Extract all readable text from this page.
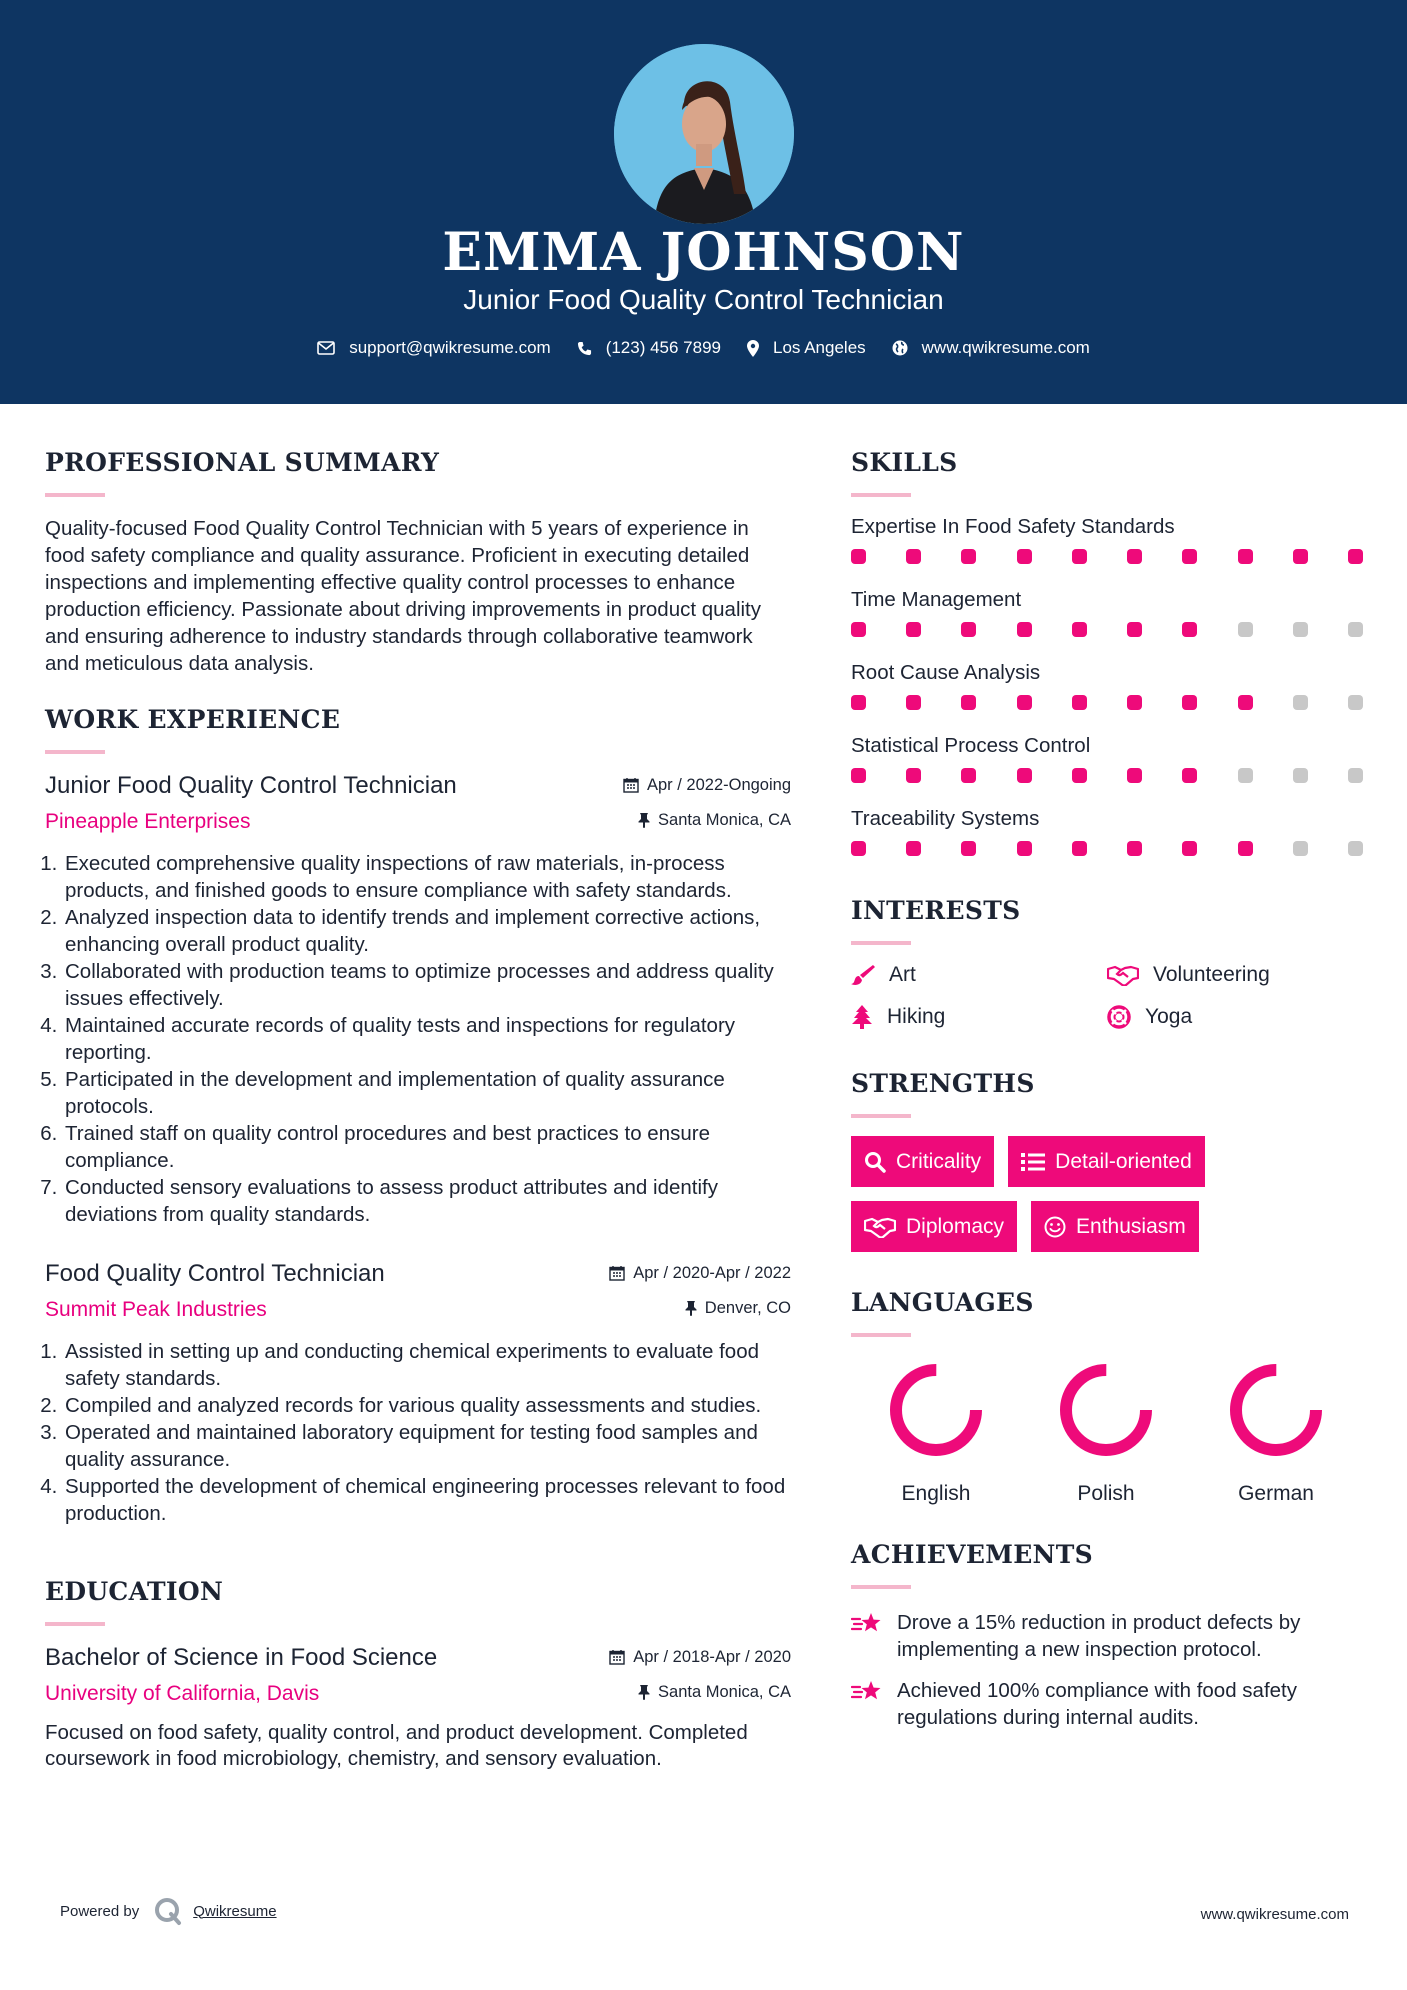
EMMA JOHNSON
Junior Food Quality Control Technician
support@qwikresume.com	(123) 456 7899	Los Angeles	www.qwikresume.com
PROFESSIONAL SUMMARY

Quality-focused Food Quality Control Technician with 5 years of experience in food safety compliance and quality assurance. Proficient in executing detailed inspections and implementing effective quality control processes to enhance production efficiency. Passionate about driving improvements in product quality and ensuring adherence to industry standards through collaborative teamwork and meticulous data analysis.

WORK EXPERIENCE
Junior Food Quality Control Technician	Apr / 2022-Ongoing
Pineapple Enterprises	Santa Monica, CA
1. Executed comprehensive quality inspections of raw materials, in-process products, and finished goods to ensure compliance with safety standards.
2. Analyzed inspection data to identify trends and implement corrective actions, enhancing overall product quality.
3. Collaborated with production teams to optimize processes and address quality issues effectively.
4. Maintained accurate records of quality tests and inspections for regulatory reporting.
5. Participated in the development and implementation of quality assurance protocols.
6. Trained staff on quality control procedures and best practices to ensure compliance.
7. Conducted sensory evaluations to assess product attributes and identify deviations from quality standards.
Food Quality Control Technician	Apr / 2020-Apr / 2022
Summit Peak Industries	Denver, CO
1. Assisted in setting up and conducting chemical experiments to evaluate food safety standards.
2. Compiled and analyzed records for various quality assessments and studies.
3. Operated and maintained laboratory equipment for testing food samples and quality assurance.
4. Supported the development of chemical engineering processes relevant to food production.
EDUCATION
Bachelor of Science in Food Science	Apr / 2018-Apr / 2020
University of California, Davis	Santa Monica, CA

Focused on food safety, quality control, and product development. Completed coursework in food microbiology, chemistry, and sensory evaluation.

SKILLS
Expertise In Food Safety Standards
Time Management
Root Cause Analysis
Statistical Process Control
Traceability Systems
INTERESTS
Art	Volunteering
Hiking	Yoga
STRENGTHS
Criticality	Detail-oriented
Diplomacy	Enthusiasm
LANGUAGES
English	Polish	German
ACHIEVEMENTS
Drove a 15% reduction in product defects by implementing a new inspection protocol.
Achieved 100% compliance with food safety regulations during internal audits.
Powered by	Qwikresume	www.qwikresume.com
